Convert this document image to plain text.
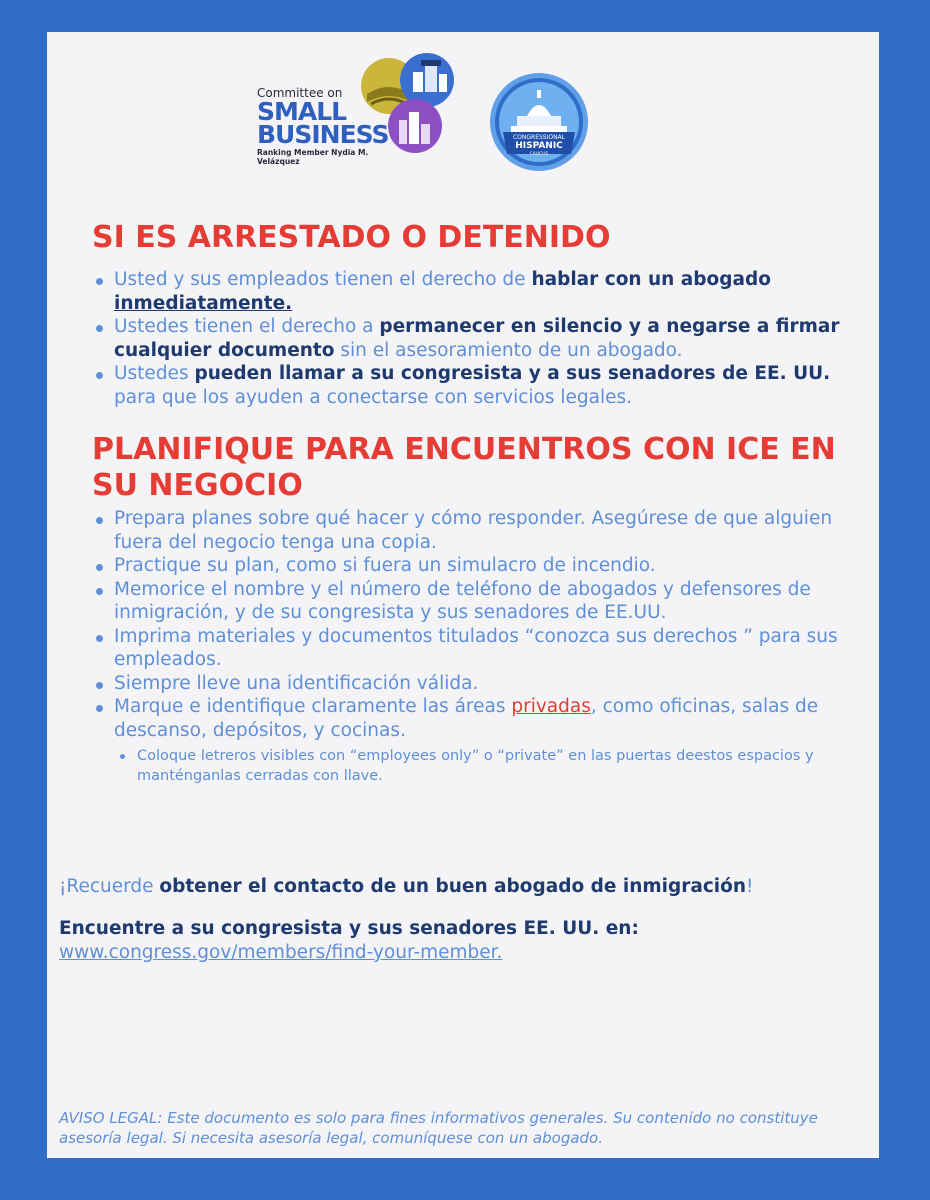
Committee on
SMALL
BUSINESS
Ranking Member Nydia M. Velázquez
CONGRESSIONAL
HISPANIC
CAUCUS
SI ES ARRESTADO O DETENIDO
Usted y sus empleados tienen el derecho de hablar con un abogado inmediatamente.
Ustedes tienen el derecho a permanecer en silencio y a negarse a firmar cualquier documento sin el asesoramiento de un abogado.
Ustedes pueden llamar a su congresista y a sus senadores de EE. UU. para que los ayuden a conectarse con servicios legales.
PLANIFIQUE PARA ENCUENTROS CON ICE EN SU NEGOCIO
Prepara planes sobre qué hacer y cómo responder. Asegúrese de que alguien fuera del negocio tenga una copia.
Practique su plan, como si fuera un simulacro de incendio.
Memorice el nombre y el número de teléfono de abogados y defensores de inmigración, y de su congresista y sus senadores de EE.UU.
Imprima materiales y documentos titulados “conozca sus derechos ” para sus empleados.
Siempre lleve una identificación válida.
Marque e identifique claramente las áreas privadas, como oficinas, salas de descanso, depósitos, y cocinas.
Coloque letreros visibles con “employees only” o “private” en las puertas deestos espacios y manténganlas cerradas con llave.
¡Recuerde obtener el contacto de un buen abogado de inmigración!
Encuentre a su congresista y sus senadores EE. UU. en:
www.congress.gov/members/find-your-member.
AVISO LEGAL: Este documento es solo para fines informativos generales. Su contenido no constituye asesoría legal. Si necesita asesoría legal, comuníquese con un abogado.
